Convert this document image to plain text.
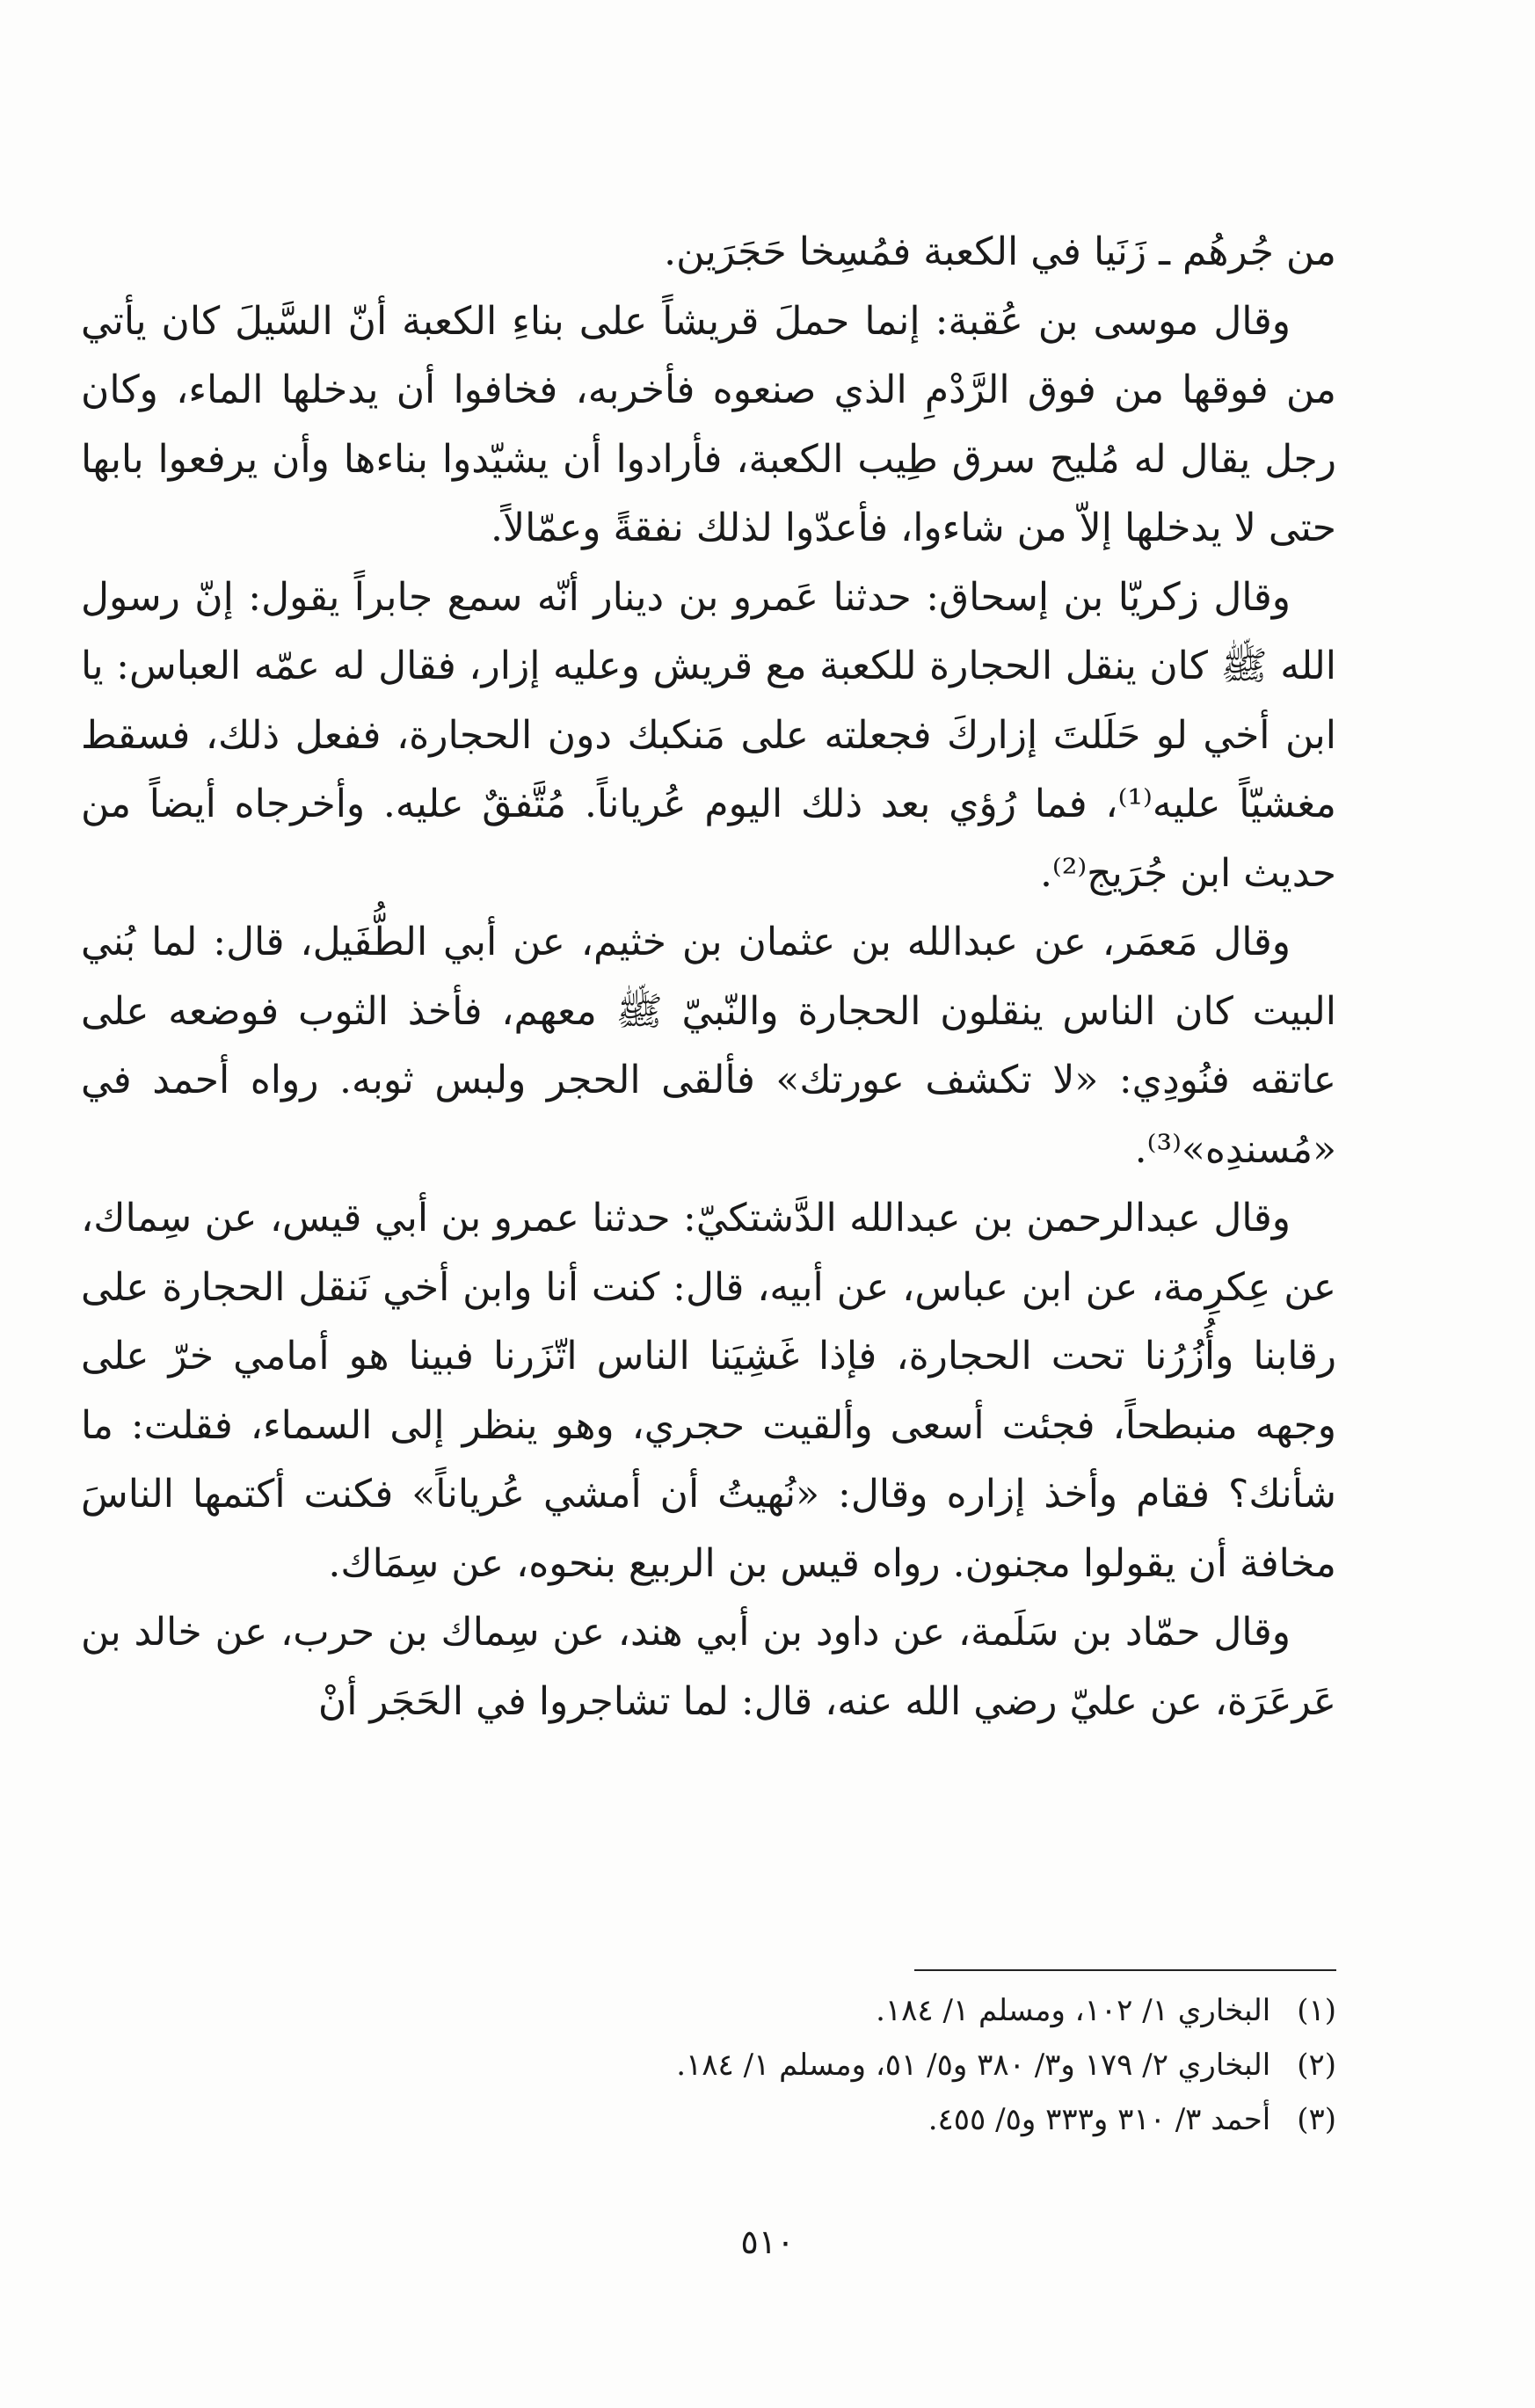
من جُرهُم ـ زَنَيا في الكعبة فمُسِخا حَجَرَين.

وقال موسى بن عُقبة: إنما حملَ قريشاً على بناءِ الكعبة أنّ السَّيلَ كان يأتي من فوقها من فوق الرَّدْمِ الذي صنعوه فأخربه، فخافوا أن يدخلها الماء، وكان رجل يقال له مُليح سرق طِيب الكعبة، فأرادوا أن يشيّدوا بناءها وأن يرفعوا بابها حتى لا يدخلها إلاّ من شاءوا، فأعدّوا لذلك نفقةً وعمّالاً.

وقال زكريّا بن إسحاق: حدثنا عَمرو بن دينار أنّه سمع جابراً يقول: إنّ رسول الله ﷺ كان ينقل الحجارة للكعبة مع قريش وعليه إزار، فقال له عمّه العباس: يا ابن أخي لو حَلَلتَ إزاركَ فجعلته على مَنكبك دون الحجارة، ففعل ذلك، فسقط مغشيّاً عليه⁽¹⁾، فما رُؤي بعد ذلك اليوم عُرياناً. مُتَّفقٌ عليه. وأخرجاه أيضاً من حديث ابن جُرَيج⁽²⁾.

وقال مَعمَر، عن عبدالله بن عثمان بن خثيم، عن أبي الطُّفَيل، قال: لما بُني البيت كان الناس ينقلون الحجارة والنّبيّ ﷺ معهم، فأخذ الثوب فوضعه على عاتقه فنُودِي: «لا تكشف عورتك» فألقى الحجر ولبس ثوبه. رواه أحمد في «مُسندِه»⁽³⁾.

وقال عبدالرحمن بن عبدالله الدَّشتكيّ: حدثنا عمرو بن أبي قيس، عن سِماك، عن عِكرِمة، عن ابن عباس، عن أبيه، قال: كنت أنا وابن أخي نَنقل الحجارة على رقابنا وأُزُرُنا تحت الحجارة، فإذا غَشِيَنا الناس اتّزَرنا فبينا هو أمامي خرّ على وجهه منبطحاً، فجئت أسعى وألقيت حجري، وهو ينظر إلى السماء، فقلت: ما شأنك؟ فقام وأخذ إزاره وقال: «نُهيتُ أن أمشي عُرياناً» فكنت أكتمها الناسَ مخافة أن يقولوا مجنون. رواه قيس بن الربيع بنحوه، عن سِمَاك.

وقال حمّاد بن سَلَمة، عن داود بن أبي هند، عن سِماك بن حرب، عن خالد بن عَرعَرَة، عن عليّ رضي الله عنه، قال: لما تشاجروا في الحَجَر أنْ

(١)البخاري ١/ ١٠٢، ومسلم ١/ ١٨٤.
(٢)البخاري ٢/ ١٧٩ و٣/ ٣٨٠ و٥/ ٥١، ومسلم ١/ ١٨٤.
(٣)أحمد ٣/ ٣١٠ و٣٣٣ و٥/ ٤٥٥.
٥١٠
